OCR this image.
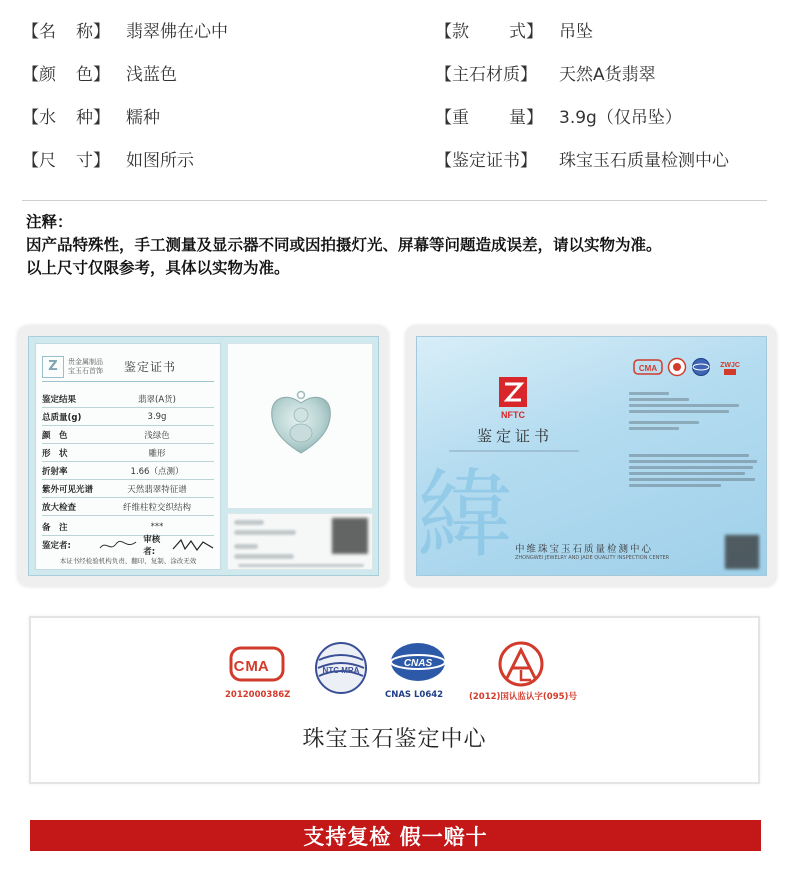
【名 称】 翡翠佛在心中
【颜 色】 浅蓝色
【水 种】 糯种
【尺 寸】 如图所示
【款 式】 吊坠
【主石材质】 天然A货翡翠
【重 量】 3.9g（仅吊坠）
【鉴定证书】 珠宝玉石质量检测中心
注释：
因产品特殊性，手工测量及显示器不同或因拍摄灯光、屏幕等问题造成误差，请以实物为准。
以上尺寸仅限参考，具体以实物为准。
Z	贵金属制品
宝玉石首饰	鉴定证书
鉴定结果	翡翠(A货)
总质量(g)	3.9g
颜　色	浅绿色
形　状	雕形
折射率	1.66（点测）
紫外可见光谱	天然翡翠特征谱
放大检查	纤维柱粒交织结构
备　注	***
鉴定者:
审核者:
本证书经检验机构负责、翻印、复制、涂改无效
NFTC
鉴定证书
緯 中维珠宝玉石质量检测中心
ZHONGWEI JEWELRY AND JADE QUALITY INSPECTION CENTER
CMA	ZWJC
MA
C
2012000386Z
NTC MRA
CNAS
CNAS L0642	(2012)国认监认字(095)号
珠宝玉石鉴定中心
支持复检 假一赔十
